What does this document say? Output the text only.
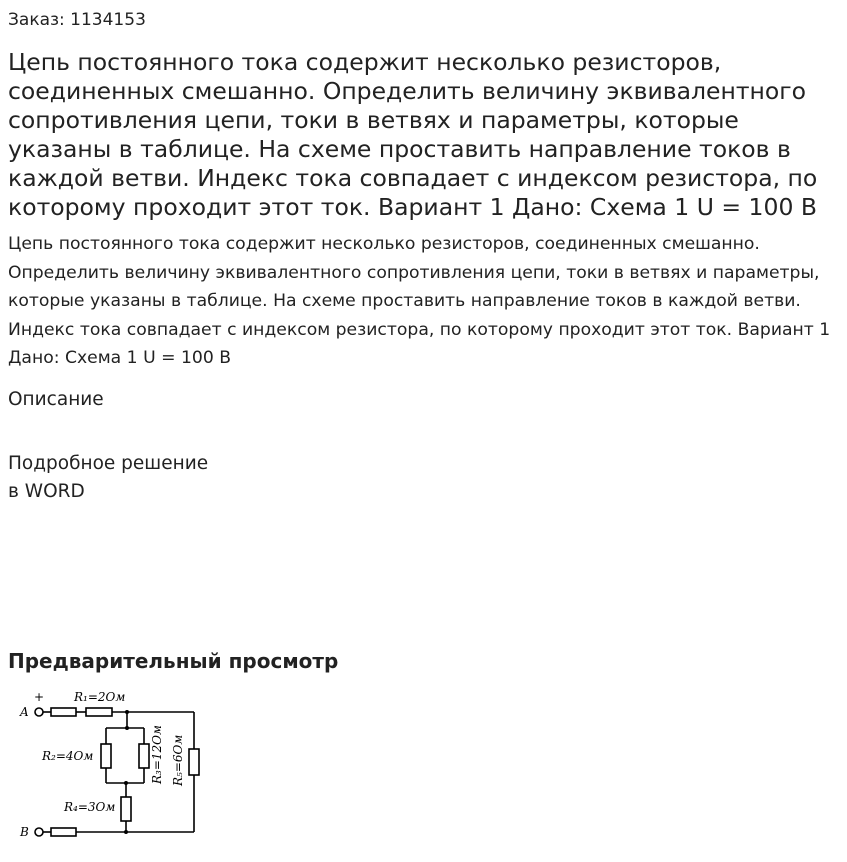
Заказ: 1134153
Цепь постоянного тока содержит несколько резисторов, соединенных смешанно. Определить величину эквивалентного сопротивления цепи, токи в ветвях и параметры, которые указаны в таблице. На схеме проставить направление токов в каждой ветви. Индекс тока совпадает с индексом резистора, по которому проходит этот ток. Вариант 1 Дано: Схема 1 U = 100 В

Цепь постоянного тока содержит несколько резисторов, соединенных смешанно. Определить величину эквивалентного сопротивления цепи, токи в ветвях и параметры, которые указаны в таблице. На схеме проставить направление токов в каждой ветви. Индекс тока совпадает с индексом резистора, по которому проходит этот ток. Вариант 1 Дано: Схема 1 U = 100 В

Описание
Подробное решение
в WORD
Предварительный просмотр
+
A
B
R₁=2Ом
R₂=4Ом	R₃=12Ом
R₄=3Ом
R₅=6Ом
